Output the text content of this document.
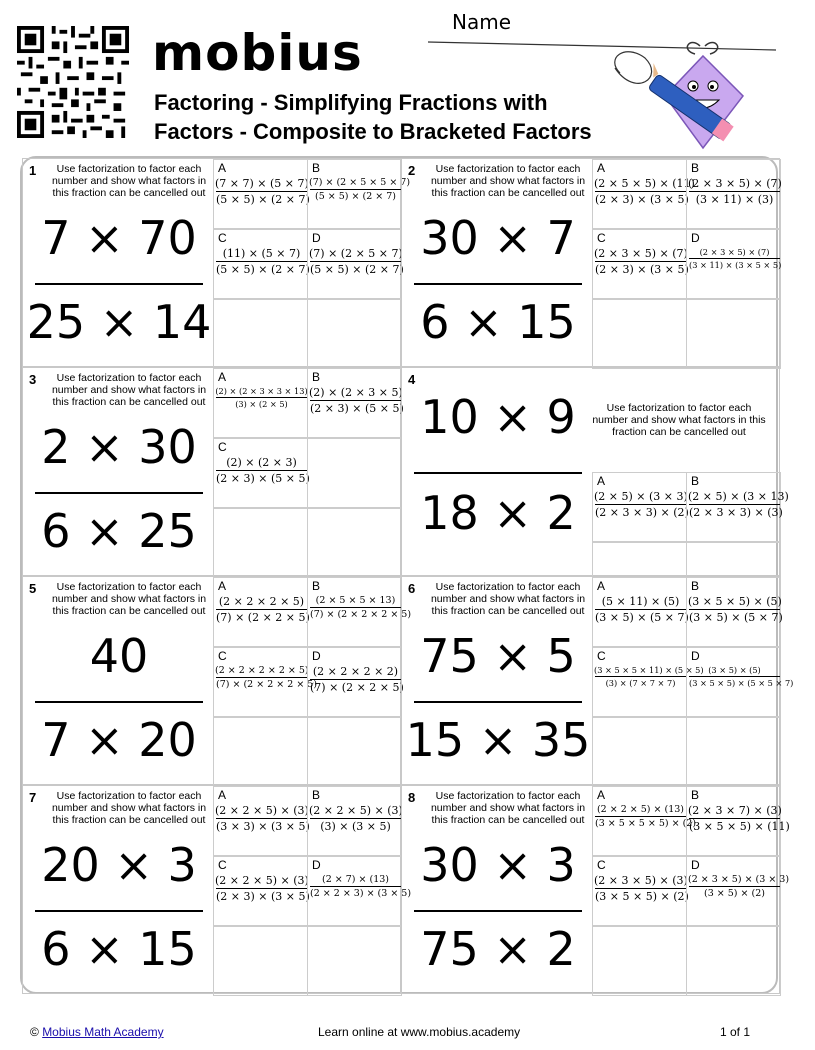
mobius
Factoring - Simplifying Fractions with Factors - Composite to Bracketed Factors
Name
1	Use factorization to factor each number and show what factors in this fraction can be cancelled out
7 × 70
25 × 14
A
$\frac{(7 \times 7) \times (5 \times 7)}{(5 \times 5) \times (2 \times 7)}$
B
$\frac{(7) \times (2 \times 5 \times 5 \times 7)}{(5 \times 5) \times (2 \times 7)}$
C
$\frac{(11) \times (5 \times 7)}{(5 \times 5) \times (2 \times 7)}$
D
$\frac{(7) \times (2 \times 5 \times 7)}{(5 \times 5) \times (2 \times 7)}$
2	Use factorization to factor each number and show what factors in this fraction can be cancelled out
30 × 7
6 × 15
A
$\frac{(2 \times 5 \times 5) \times (11)}{(2 \times 3) \times (3 \times 5)}$
B
$\frac{(2 \times 3 \times 5) \times (7)}{(3 \times 11) \times (3)}$
C
$\frac{(2 \times 3 \times 5) \times (7)}{(2 \times 3) \times (3 \times 5)}$
D
$\frac{(2 \times 3 \times 5) \times (7)}{(3 \times 11) \times (3 \times 5 \times 5)}$
3	Use factorization to factor each number and show what factors in this fraction can be cancelled out
2 × 30
6 × 25
A
$\frac{(2) \times (2 \times 3 \times 3 \times 13)}{(3) \times (2 \times 5)}$
B
$\frac{(2) \times (2 \times 3 \times 5)}{(2 \times 3) \times (5 \times 5)}$
C
$\frac{(2) \times (2 \times 3)}{(2 \times 3) \times (5 \times 5)}$
4
Use factorization to factor each number and show what factors in this fraction can be cancelled out
10 × 9
18 × 2
A
$\frac{(2 \times 5) \times (3 \times 3)}{(2 \times 3 \times 3) \times (2)}$
B
$\frac{(2 \times 5) \times (3 \times 13)}{(2 \times 3 \times 3) \times (3)}$
5	Use factorization to factor each number and show what factors in this fraction can be cancelled out
40
7 × 20
A
$\frac{(2 \times 2 \times 2 \times 5)}{(7) \times (2 \times 2 \times 5)}$
B
$\frac{(2 \times 5 \times 5 \times 13)}{(7) \times (2 \times 2 \times 2 \times 5)}$
C
$\frac{(2 \times 2 \times 2 \times 2 \times 5)}{(7) \times (2 \times 2 \times 2 \times 5)}$
D
$\frac{(2 \times 2 \times 2 \times 2)}{(7) \times (2 \times 2 \times 5)}$
6	Use factorization to factor each number and show what factors in this fraction can be cancelled out
75 × 5
15 × 35
A
$\frac{(5 \times 11) \times (5)}{(3 \times 5) \times (5 \times 7)}$
B
$\frac{(3 \times 5 \times 5) \times (5)}{(3 \times 5) \times (5 \times 7)}$
C
$\frac{(3 \times 5 \times 5 \times 11) \times (5 \times 5)}{(3) \times (7 \times 7 \times 7)}$
D
$\frac{(3 \times 5) \times (5)}{(3 \times 5 \times 5) \times (5 \times 5 \times 7)}$
7	Use factorization to factor each number and show what factors in this fraction can be cancelled out
20 × 3
6 × 15
A
$\frac{(2 \times 2 \times 5) \times (3)}{(3 \times 3) \times (3 \times 5)}$
B
$\frac{(2 \times 2 \times 5) \times (3)}{(3) \times (3 \times 5)}$
C
$\frac{(2 \times 2 \times 5) \times (3)}{(2 \times 3) \times (3 \times 5)}$
D
$\frac{(2 \times 7) \times (13)}{(2 \times 2 \times 3) \times (3 \times 5)}$
8	Use factorization to factor each number and show what factors in this fraction can be cancelled out
30 × 3
75 × 2
A
$\frac{(2 \times 2 \times 5) \times (13)}{(3 \times 5 \times 5 \times 5) \times (2)}$
B
$\frac{(2 \times 3 \times 7) \times (3)}{(3 \times 5 \times 5) \times (11)}$
C
$\frac{(2 \times 3 \times 5) \times (3)}{(3 \times 5 \times 5) \times (2)}$
D
$\frac{(2 \times 3 \times 5) \times (3 \times 3)}{(3 \times 5) \times (2)}$
© Mobius Math Academy	Learn online at www.mobius.academy	1 of 1
